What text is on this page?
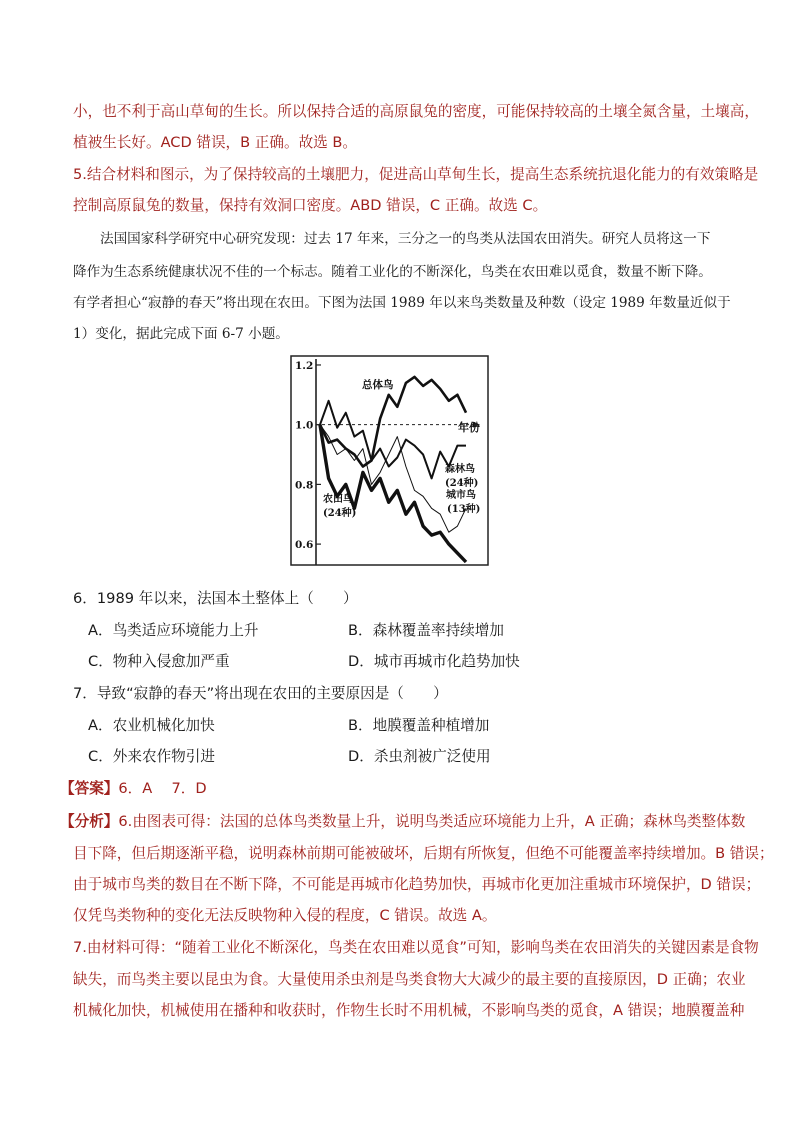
小，也不利于高山草甸的生长。所以保持合适的高原鼠兔的密度，可能保持较高的土壤全氮含量，土壤高，
植被生长好。ACD 错误，B 正确。故选 B。
5.结合材料和图示，为了保持较高的土壤肥力，促进高山草甸生长，提高生态系统抗退化能力的有效策略是
控制高原鼠兔的数量，保持有效洞口密度。ABD 错误，C 正确。故选 C。
法国国家科学研究中心研究发现：过去 17 年来，三分之一的鸟类从法国农田消失。研究人员将这一下
降作为生态系统健康状况不佳的一个标志。随着工业化的不断深化，鸟类在农田难以觅食，数量不断下降。
有学者担心“寂静的春天”将出现在农田。下图为法国 1989 年以来鸟类数量及种数（设定 1989 年数量近似于
1）变化，据此完成下面 6-7 小题。
1.2
1.0
0.8
0.6
年份
总体鸟
森林鸟
(24种)
城市鸟
(13种)
农田鸟
(24种)
6．1989 年以来，法国本土整体上（　　）
A．鸟类适应环境能力上升	B．森林覆盖率持续增加
C．物种入侵愈加严重	D．城市再城市化趋势加快
7．导致“寂静的春天”将出现在农田的主要原因是（　　）
A．农业机械化加快	B．地膜覆盖种植增加
C．外来农作物引进	D．杀虫剂被广泛使用
【答案】6．A　 7．D
【分析】6.由图表可得：法国的总体鸟类数量上升，说明鸟类适应环境能力上升，A 正确；森林鸟类整体数
目下降，但后期逐渐平稳，说明森林前期可能被破坏，后期有所恢复，但绝不可能覆盖率持续增加。B 错误；
由于城市鸟类的数目在不断下降，不可能是再城市化趋势加快，再城市化更加注重城市环境保护，D 错误；
仅凭鸟类物种的变化无法反映物种入侵的程度，C 错误。故选 A。
7.由材料可得：“随着工业化不断深化，鸟类在农田难以觅食”可知，影响鸟类在农田消失的关键因素是食物
缺失，而鸟类主要以昆虫为食。大量使用杀虫剂是鸟类食物大大减少的最主要的直接原因，D 正确；农业
机械化加快，机械使用在播种和收获时，作物生长时不用机械，不影响鸟类的觅食，A 错误；地膜覆盖种
